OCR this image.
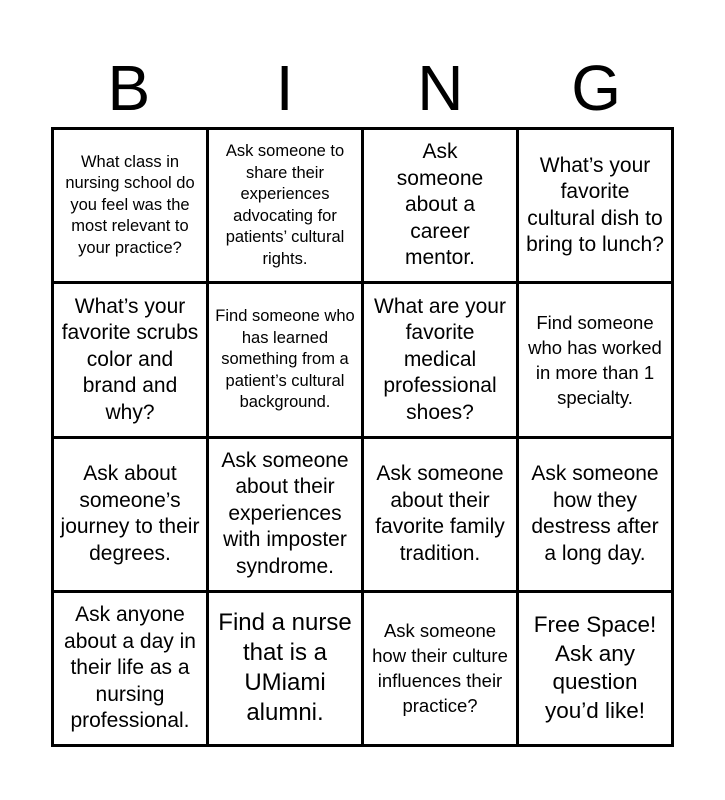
B	I	N	G
What class in nursing school do you feel was the most relevant to your practice?
Ask someone to share their experiences advocating for patients’ cultural rights.
Ask someone about a career mentor.
What’s your favorite cultural dish to bring to lunch?
What’s your favorite scrubs color and brand and why?
Find someone who has learned something from a patient’s cultural background.
What are your favorite medical professional shoes?
Find someone who has worked in more than 1 specialty.
Ask about someone’s journey to their degrees.
Ask someone about their experiences with imposter syndrome.
Ask someone about their favorite family tradition.
Ask someone how they destress after a long day.
Ask anyone about a day in their life as a nursing professional.
Find a nurse that is a UMiami alumni.
Ask someone how their culture influences their practice?
Free Space! Ask any question you’d like!
